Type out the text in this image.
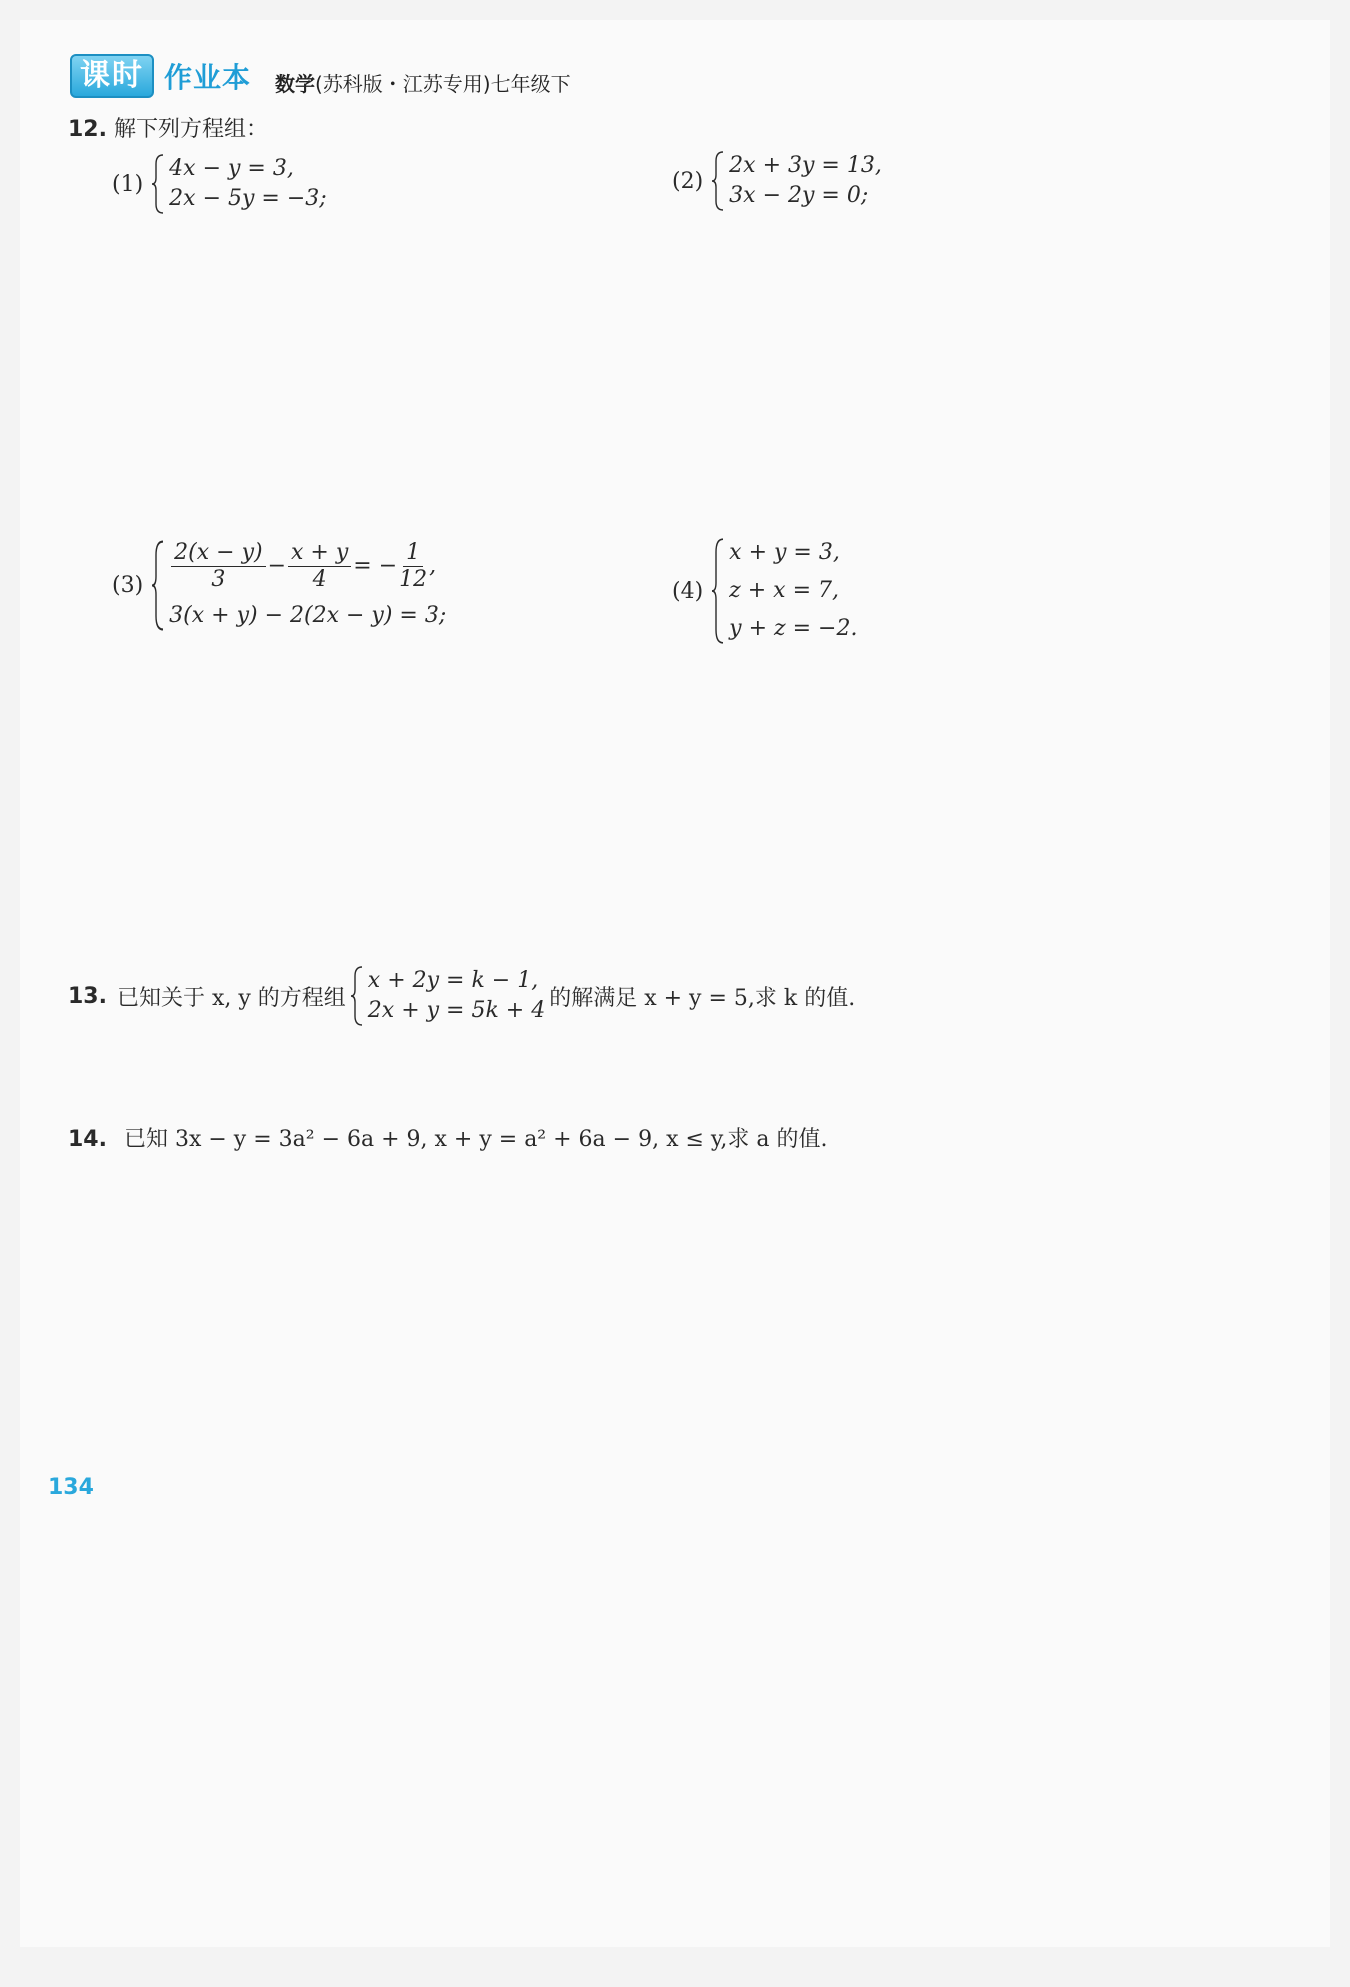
课时 作业本 数学(苏科版・江苏专用)七年级下
12. 解下列方程组：
(1)
4x − y = 3,
2x − 5y = −3;
(2)
2x + 3y = 13,
3x − 2y = 0;
$(3) \frac{2(x - y)}{3} - \frac{x + y}{4}$ = − $\frac{1}{12}$ ,
3(x + y) − 2(2x − y) = 3;
(4)
x + y = 3,
z + x = 7,
y + z = −2.
13. 已知关于 x, y 的方程组
x + 2y = k − 1,
2x + y = 5k + 4 的解满足 x + y = 5,求 k 的值.
14. 已知 3x − y = 3a² − 6a + 9, x + y = a² + 6a − 9, x ≤ y,求 a 的值.
134
